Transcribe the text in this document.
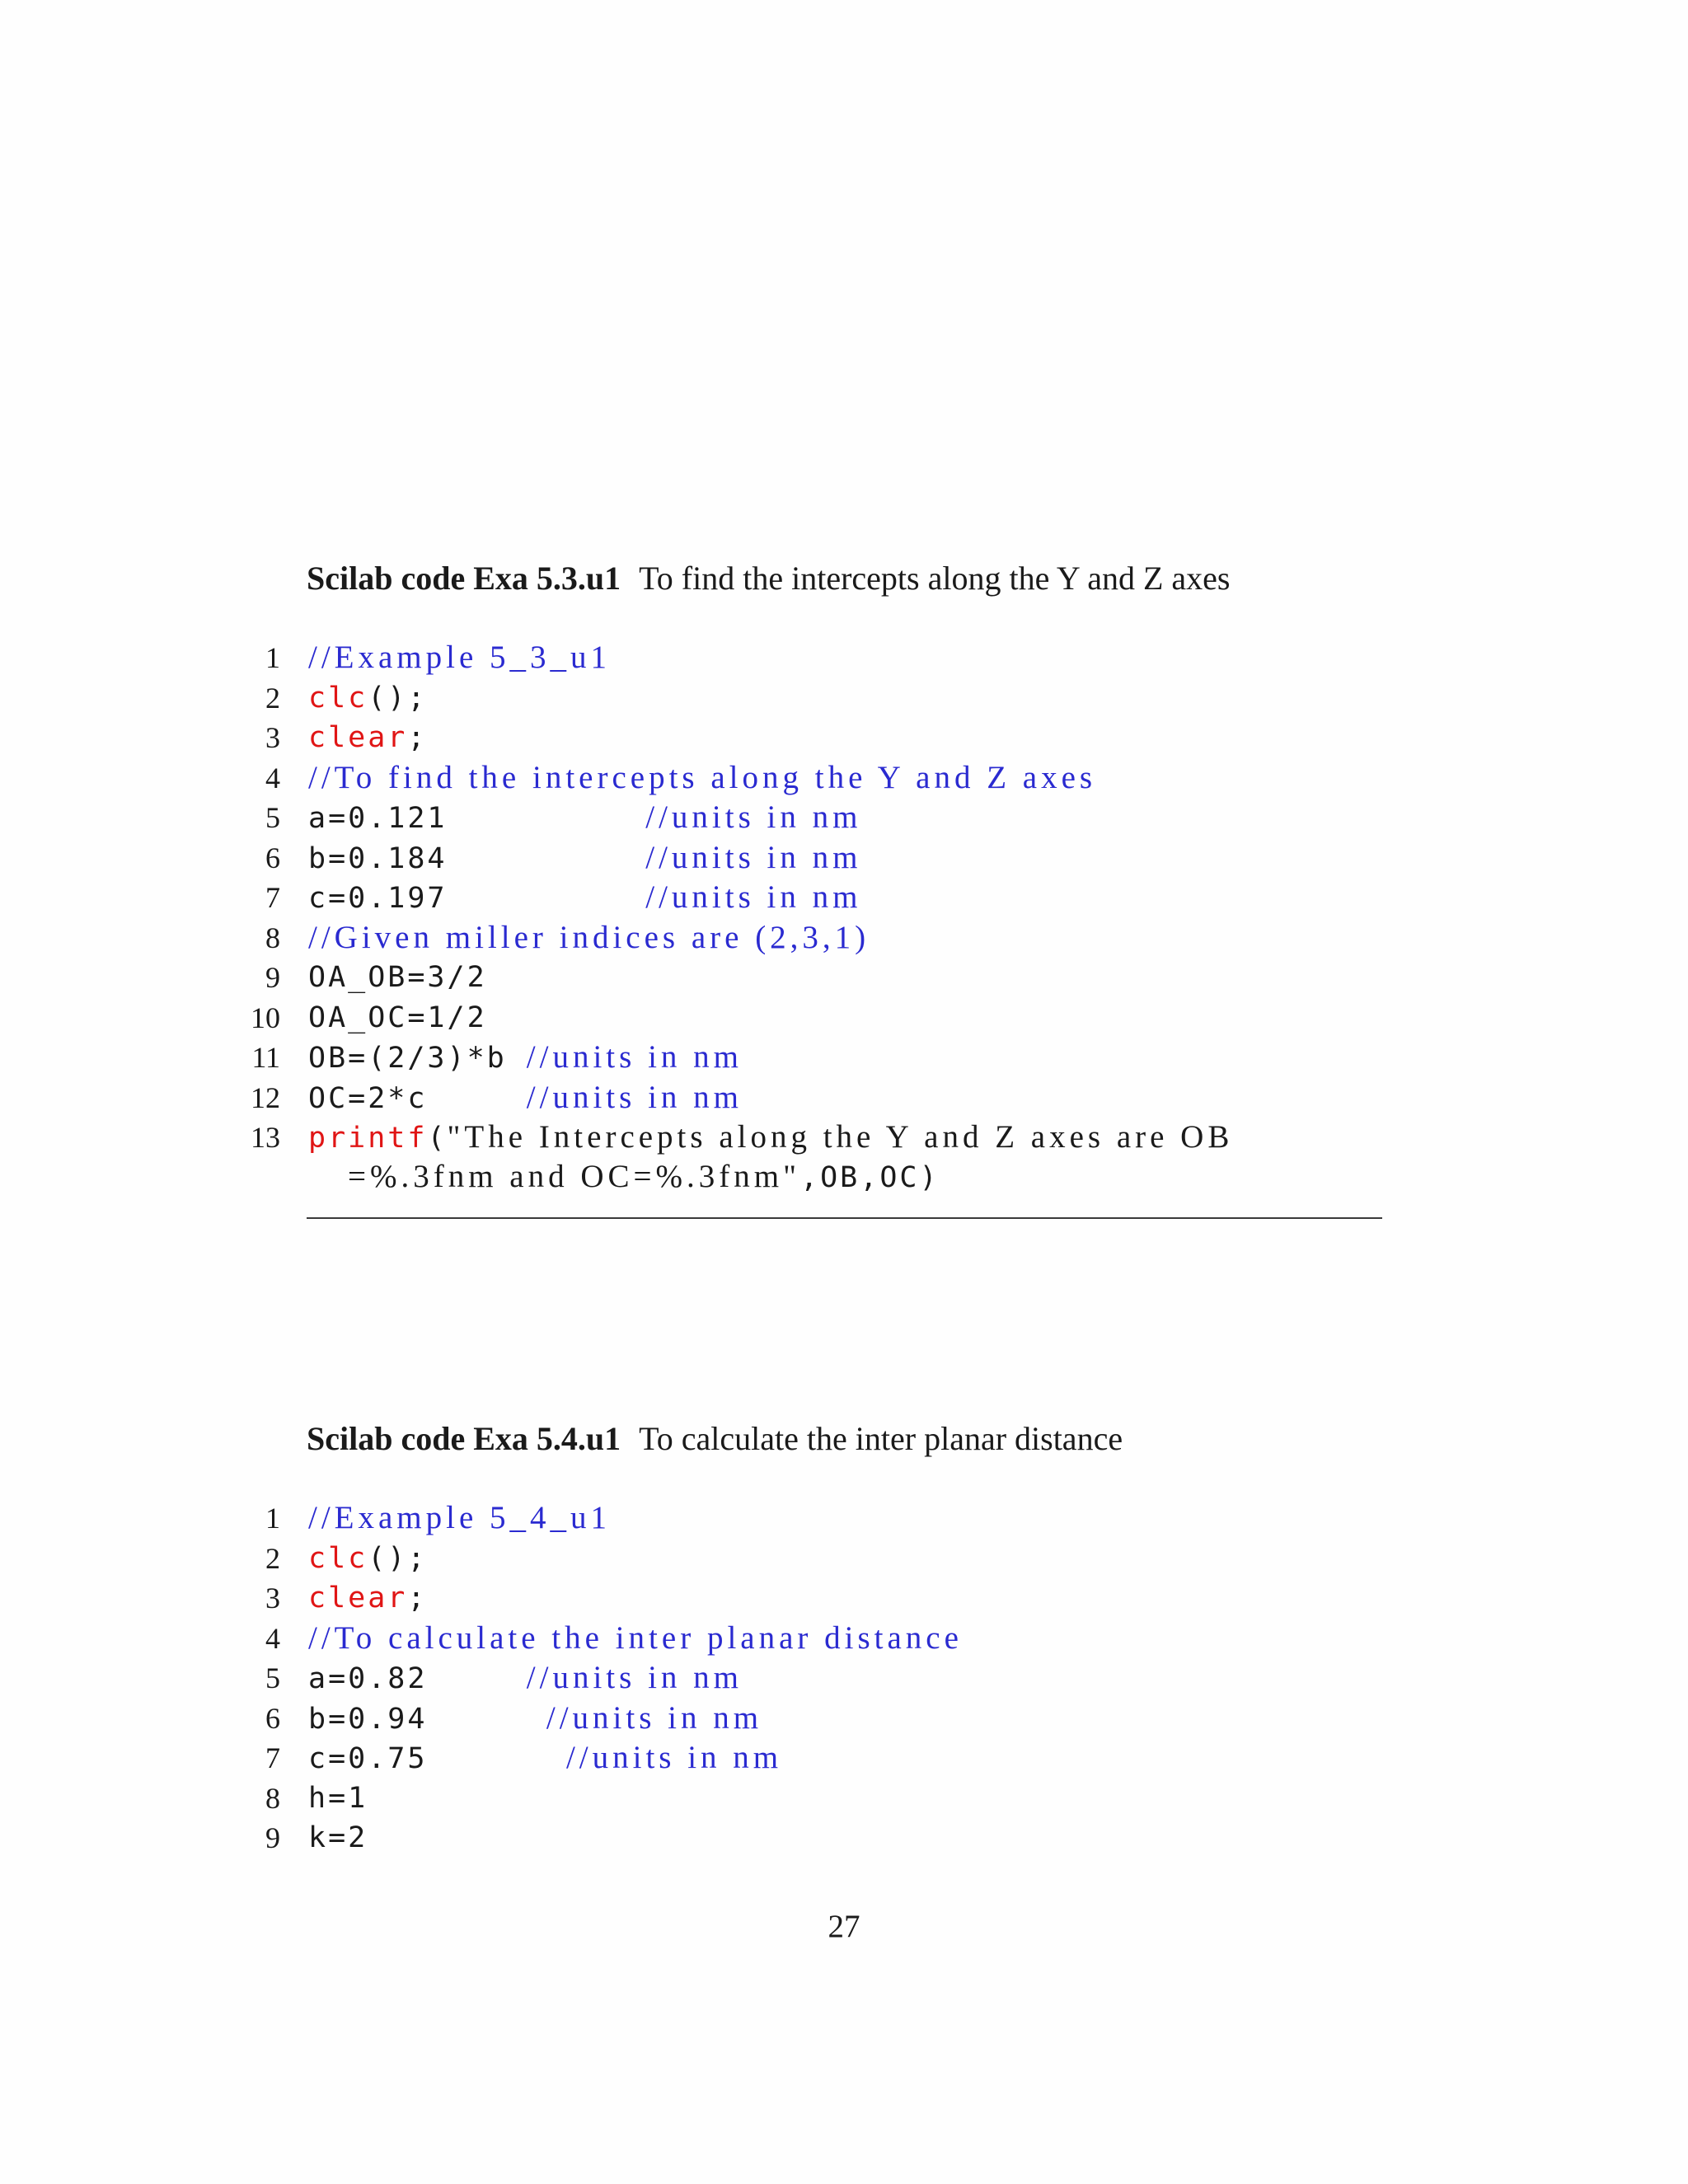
Scilab code Exa 5.3.u1 To find the intercepts along the Y and Z axes
1 //Example 5_3_u1
2 clc();
3 clear;
4 //To find the intercepts along the Y and Z axes
5 a=0.121	//units in nm
6 b=0.184	//units in nm
7 c=0.197	//units in nm
8 //Given miller indices are (2,3,1)
9 OA_OB=3/2
10 OA_OC=1/2
11 OB=(2/3)*b //units in nm
12 OC=2*c     //units in nm
13 printf("The Intercepts along the Y and Z axes are OB
=%.3fnm and OC=%.3fnm",OB,OC)
Scilab code Exa 5.4.u1 To calculate the inter planar distance
1 //Example 5_4_u1
2 clc();
3 clear;
4 //To calculate the inter planar distance
5 a=0.82	//units in nm
6 b=0.94	//units in nm
7 c=0.75	//units in nm
8 h=1
9 k=2
27
